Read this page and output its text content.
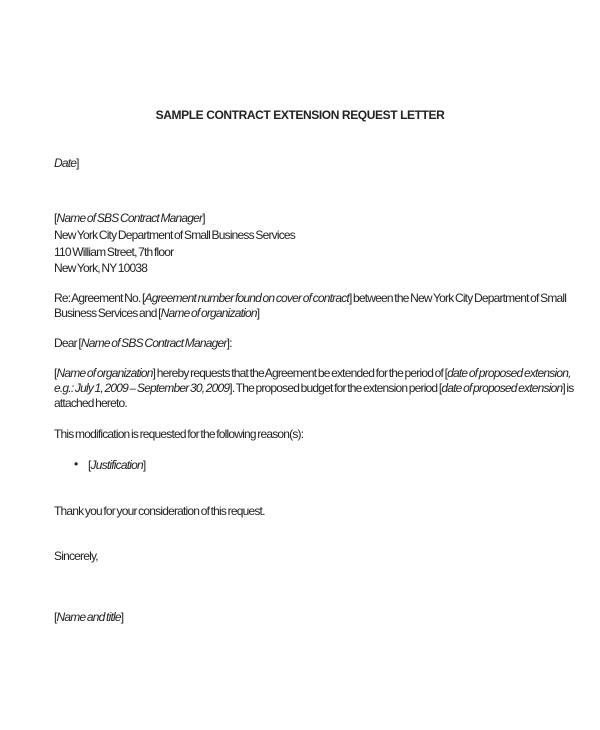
SAMPLE CONTRACT EXTENSION REQUEST LETTER
Date]
[Name of SBS Contract Manager]
New York City Department of Small Business Services
110 William Street, 7th floor
New York, NY 10038
Re: Agreement No. [Agreement number found on cover of contract] between the New York City Department of Small
Business Services and [Name of organization]
Dear [Name of SBS Contract Manager]:
[Name of organization] hereby requests that the Agreement be extended for the period of [date of proposed extension,
e.g.: July 1, 2009 – September 30, 2009]. The proposed budget for the extension period [date of proposed extension] is
attached hereto.
This modification is requested for the following reason(s):
• [Justification]
Thank you for your consideration of this request.
Sincerely,
[Name and title]
